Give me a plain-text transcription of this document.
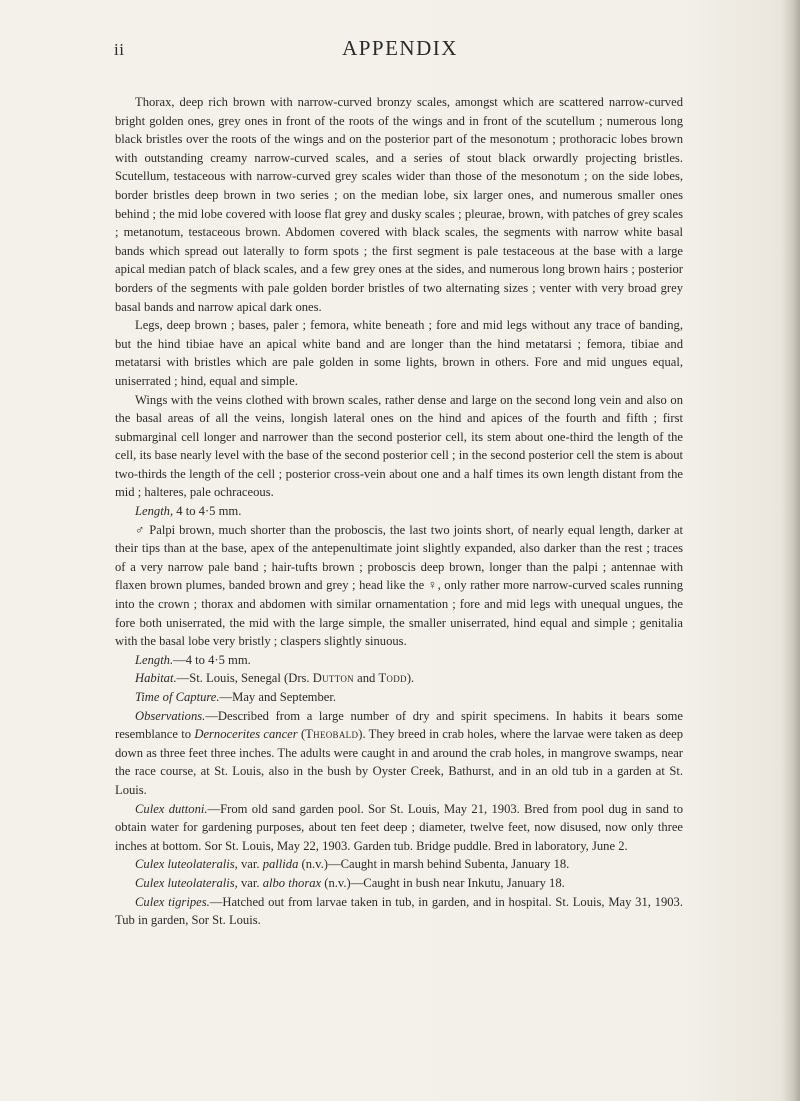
ii	APPENDIX

Thorax, deep rich brown with narrow-curved bronzy scales, amongst which are scattered narrow-curved bright golden ones, grey ones in front of the roots of the wings and in front of the scutellum ; numerous long black bristles over the roots of the wings and on the posterior part of the mesonotum ; prothoracic lobes brown with outstanding creamy narrow-curved scales, and a series of stout black orwardly projecting bristles. Scutellum, testaceous with narrow-curved grey scales wider than those of the mesonotum ; on the side lobes, border bristles deep brown in two series ; on the median lobe, six larger ones, and numerous smaller ones behind ; the mid lobe covered with loose flat grey and dusky scales ; pleurae, brown, with patches of grey scales ; metanotum, testaceous brown. Abdomen covered with black scales, the segments with narrow white basal bands which spread out laterally to form spots ; the first segment is pale testaceous at the base with a large apical median patch of black scales, and a few grey ones at the sides, and numerous long brown hairs ; posterior borders of the segments with pale golden border bristles of two alternating sizes ; venter with very broad grey basal bands and narrow apical dark ones.

Legs, deep brown ; bases, paler ; femora, white beneath ; fore and mid legs without any trace of banding, but the hind tibiae have an apical white band and are longer than the hind metatarsi ; femora, tibiae and metatarsi with bristles which are pale golden in some lights, brown in others. Fore and mid ungues equal, uniserrated ; hind, equal and simple.

Wings with the veins clothed with brown scales, rather dense and large on the second long vein and also on the basal areas of all the veins, longish lateral ones on the hind and apices of the fourth and fifth ; first submarginal cell longer and narrower than the second posterior cell, its stem about one-third the length of the cell, its base nearly level with the base of the second posterior cell ; in the second posterior cell the stem is about two-thirds the length of the cell ; posterior cross-vein about one and a half times its own length distant from the mid ; halteres, pale ochraceous.

Length, 4 to 4·5 mm.

♂ Palpi brown, much shorter than the proboscis, the last two joints short, of nearly equal length, darker at their tips than at the base, apex of the antepenultimate joint slightly expanded, also darker than the rest ; traces of a very narrow pale band ; hair-tufts brown ; proboscis deep brown, longer than the palpi ; antennae with flaxen brown plumes, banded brown and grey ; head like the ♀, only rather more narrow-curved scales running into the crown ; thorax and abdomen with similar ornamentation ; fore and mid legs with unequal ungues, the fore both uniserrated, the mid with the large simple, the smaller uniserrated, hind equal and simple ; genitalia with the basal lobe very bristly ; claspers slightly sinuous.

Length.—4 to 4·5 mm.

Habitat.—St. Louis, Senegal (Drs. Dutton and Todd).

Time of Capture.—May and September.

Observations.—Described from a large number of dry and spirit specimens. In habits it bears some resemblance to Dernocerites cancer (Theobald). They breed in crab holes, where the larvae were taken as deep down as three feet three inches. The adults were caught in and around the crab holes, in mangrove swamps, near the race course, at St. Louis, also in the bush by Oyster Creek, Bathurst, and in an old tub in a garden at St. Louis.

Culex duttoni.—From old sand garden pool. Sor St. Louis, May 21, 1903. Bred from pool dug in sand to obtain water for gardening purposes, about ten feet deep ; diameter, twelve feet, now disused, now only three inches at bottom. Sor St. Louis, May 22, 1903. Garden tub. Bridge puddle. Bred in laboratory, June 2.

Culex luteolateralis, var. pallida (n.v.)—Caught in marsh behind Subenta, January 18.

Culex luteolateralis, var. albo thorax (n.v.)—Caught in bush near Inkutu, January 18.

Culex tigripes.—Hatched out from larvae taken in tub, in garden, and in hospital. St. Louis, May 31, 1903. Tub in garden, Sor St. Louis.
